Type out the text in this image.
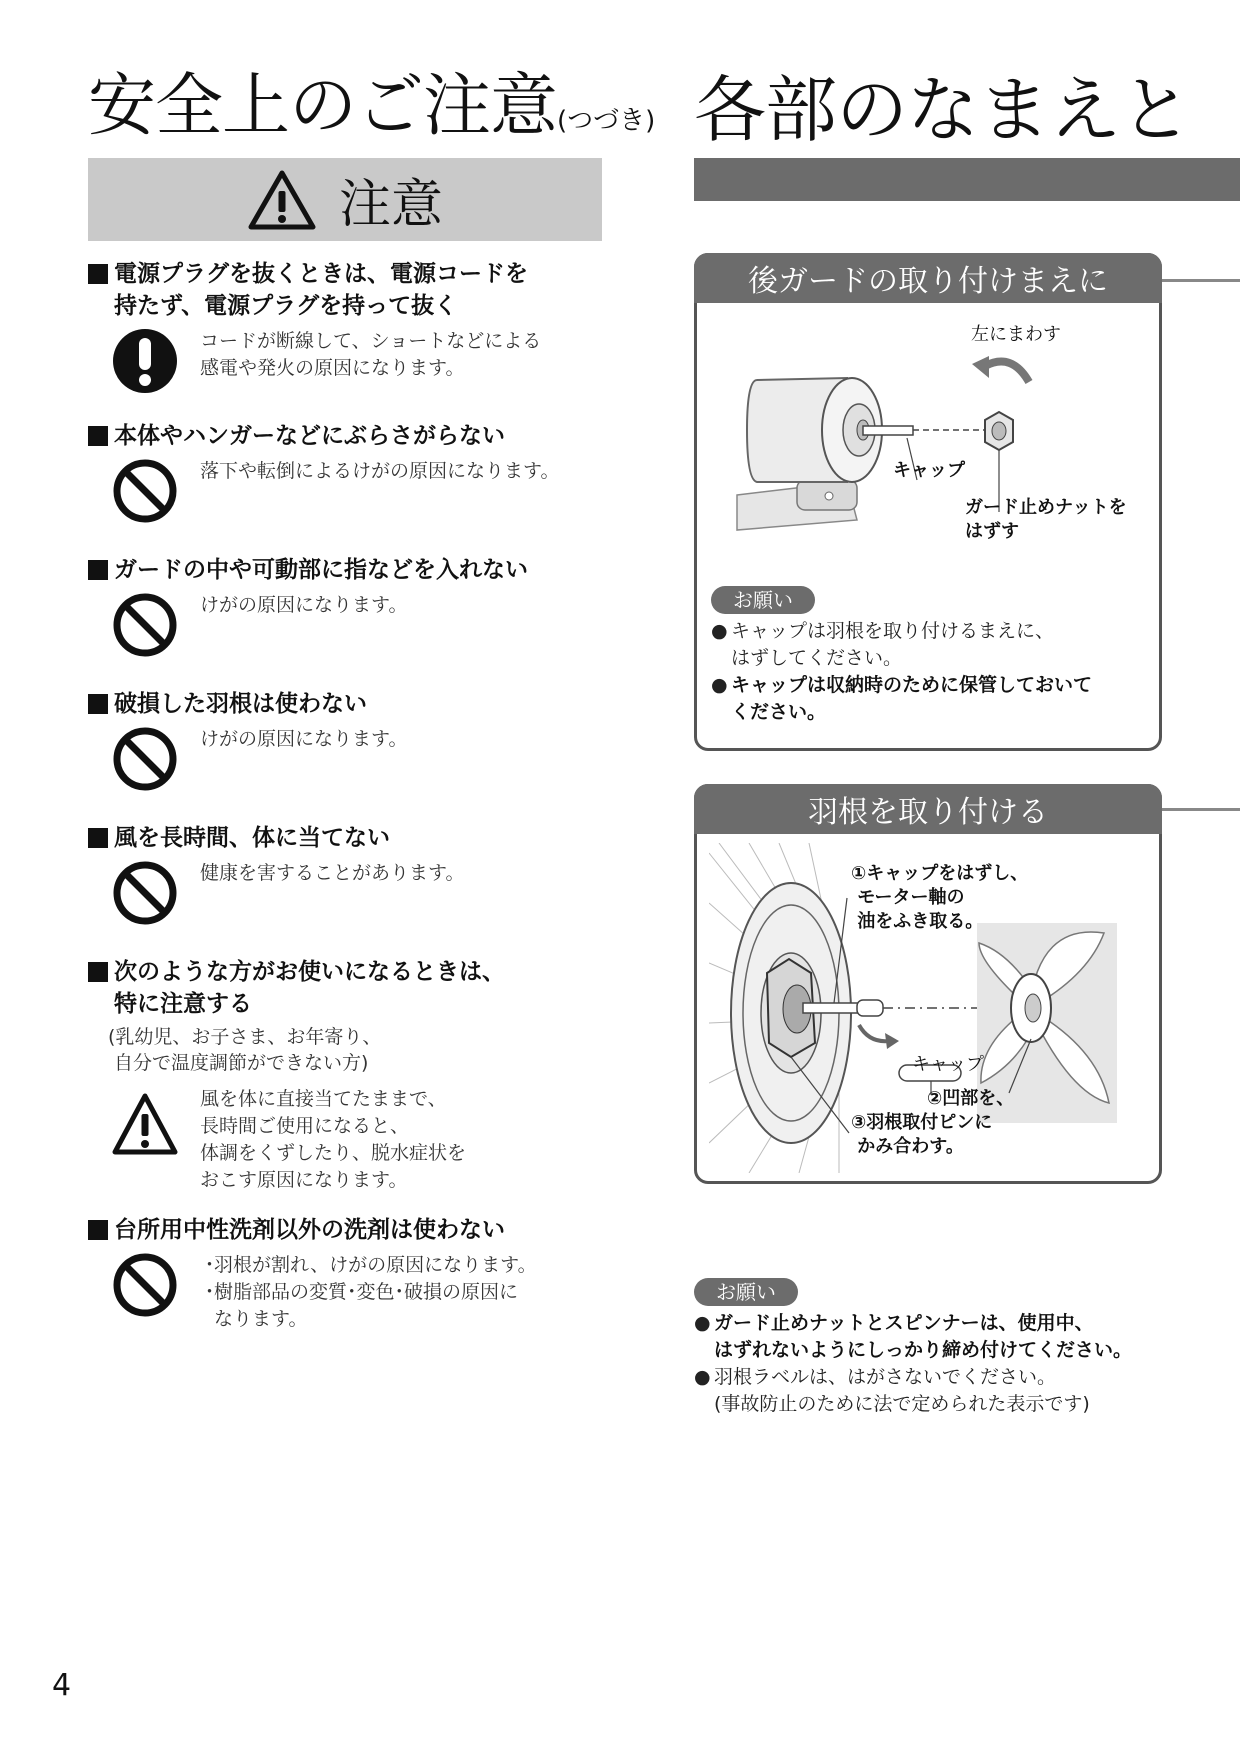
安全上のご注意(つづき) 各部のなまえと
注意
電源プラグを抜くときは、電源コードを
持たず、電源プラグを持って抜く
コードが断線して、ショートなどによる
感電や発火の原因になります。
本体やハンガーなどにぶらさがらない
落下や転倒によるけがの原因になります。
ガードの中や可動部に指などを入れない
けがの原因になります。
破損した羽根は使わない
けがの原因になります。
風を長時間、体に当てない
健康を害することがあります。
次のような方がお使いになるときは、
特に注意する
(乳幼児、お子さま、お年寄り、
自分で温度調節ができない方)
風を体に直接当てたままで、
長時間ご使用になると、
体調をくずしたり、脱水症状を
おこす原因になります。
台所用中性洗剤以外の洗剤は使わない
・
羽根が割れ、けがの原因になります。
・
樹脂部品の変質･変色･破損の原因に
なります。
後ガードの取り付けまえに
左にまわす
キャップ
ガード止めナットを
はずす
お願い
● キャップは羽根を取り付けるまえに、
はずしてください。
● キャップは収納時のために保管しておいて
ください。
羽根を取り付ける
①キャップをはずし、
モーター軸の
油をふき取る。
キャップ
②凹部を、
③羽根取付ピンに
かみ合わす。
お願い
● ガード止めナットとスピンナーは、使用中、
はずれないようにしっかり締め付けてください。
● 羽根ラベルは、はがさないでください。
(事故防止のために法で定められた表示です)
4
